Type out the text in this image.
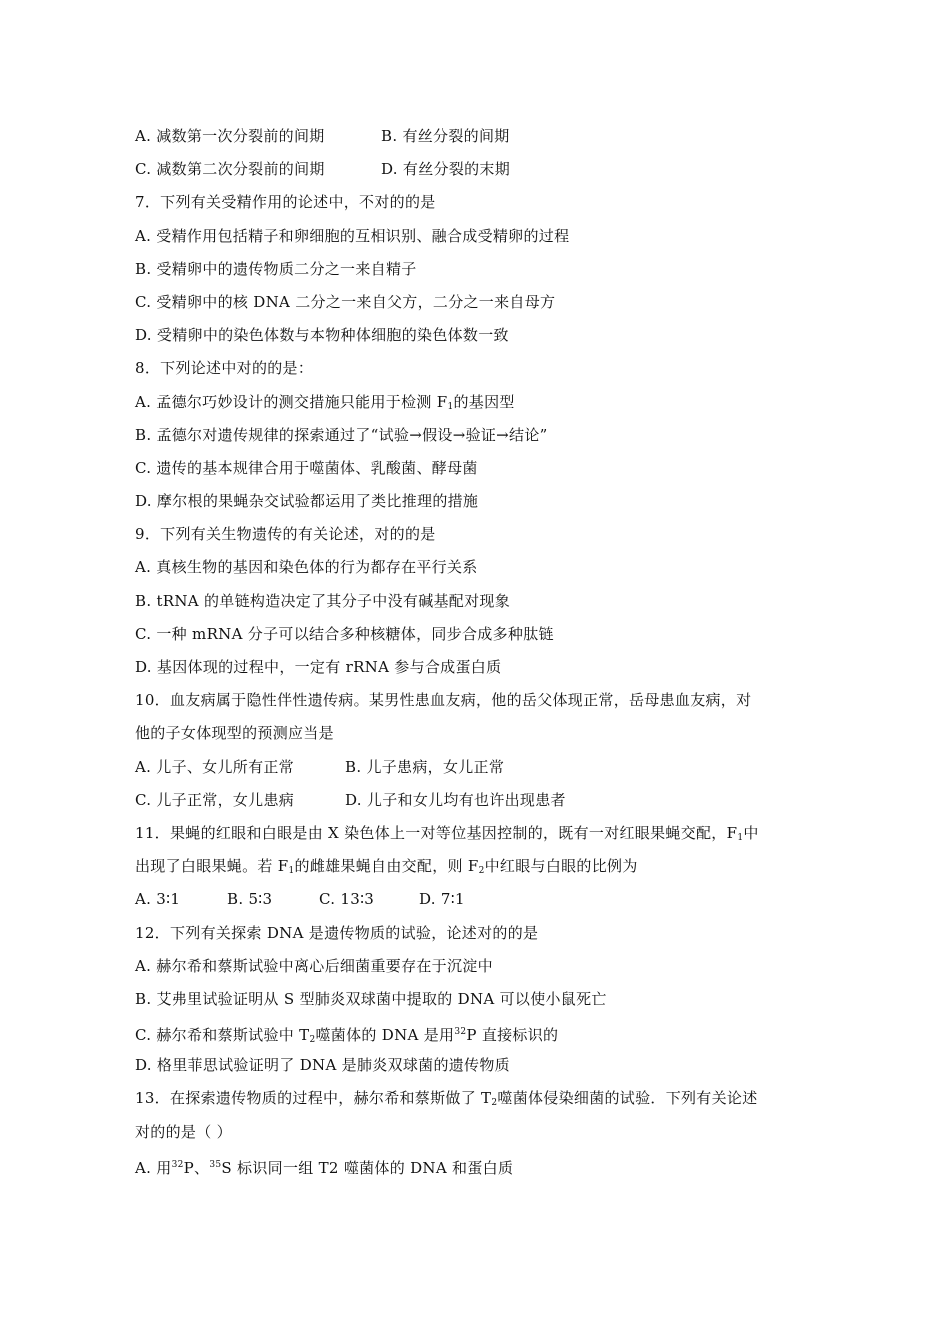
A. 减数第一次分裂前的间期	B. 有丝分裂的间期
C. 减数第二次分裂前的间期	D. 有丝分裂的末期
7．下列有关受精作用的论述中，不对的的是
A. 受精作用包括精子和卵细胞的互相识别、融合成受精卵的过程
B. 受精卵中的遗传物质二分之一来自精子
C. 受精卵中的核 DNA 二分之一来自父方，二分之一来自母方
D. 受精卵中的染色体数与本物种体细胞的染色体数一致
8．下列论述中对的的是：
A. 孟德尔巧妙设计的测交措施只能用于检测 $F_1$的基因型
B. 孟德尔对遗传规律的探索通过了“试验→假设→验证→结论”
C. 遗传的基本规律合用于噬菌体、乳酸菌、酵母菌
D. 摩尔根的果蝇杂交试验都运用了类比推理的措施
9．下列有关生物遗传的有关论述，对的的是
A. 真核生物的基因和染色体的行为都存在平行关系
B. tRNA 的单链构造决定了其分子中没有碱基配对现象
C. 一种 mRNA 分子可以结合多种核糖体，同步合成多种肽链
D. 基因体现的过程中，一定有 rRNA 参与合成蛋白质
10．血友病属于隐性伴性遗传病。某男性患血友病，他的岳父体现正常，岳母患血友病，对
他的子女体现型的预测应当是
A. 儿子、女儿所有正常	B. 儿子患病，女儿正常
C. 儿子正常，女儿患病	D. 儿子和女儿均有也许出现患者
11．果蝇的红眼和白眼是由 X 染色体上一对等位基因控制的，既有一对红眼果蝇交配，$F_1$中
出现了白眼果蝇。若 $F_1$的雌雄果蝇自由交配，则 $F_2$中红眼与白眼的比例为
A. 3∶1	B. 5∶3	C. 13∶3	D. 7∶1
12．下列有关探索 DNA 是遗传物质的试验，论述对的的是
A. 赫尔希和蔡斯试验中离心后细菌重要存在于沉淀中
B. 艾弗里试验证明从 S 型肺炎双球菌中提取的 DNA 可以使小鼠死亡
C. 赫尔希和蔡斯试验中 $T_2$噬菌体的 DNA 是用$^{32}$P 直接标识的
D. 格里菲思试验证明了 DNA 是肺炎双球菌的遗传物质
13．在探索遗传物质的过程中，赫尔希和蔡斯做了 $T_2$噬菌体侵染细菌的试验．下列有关论述
对的的是（ ）
A. 用$^{32}$P、$^{35}$S 标识同一组 T2 噬菌体的 DNA 和蛋白质
